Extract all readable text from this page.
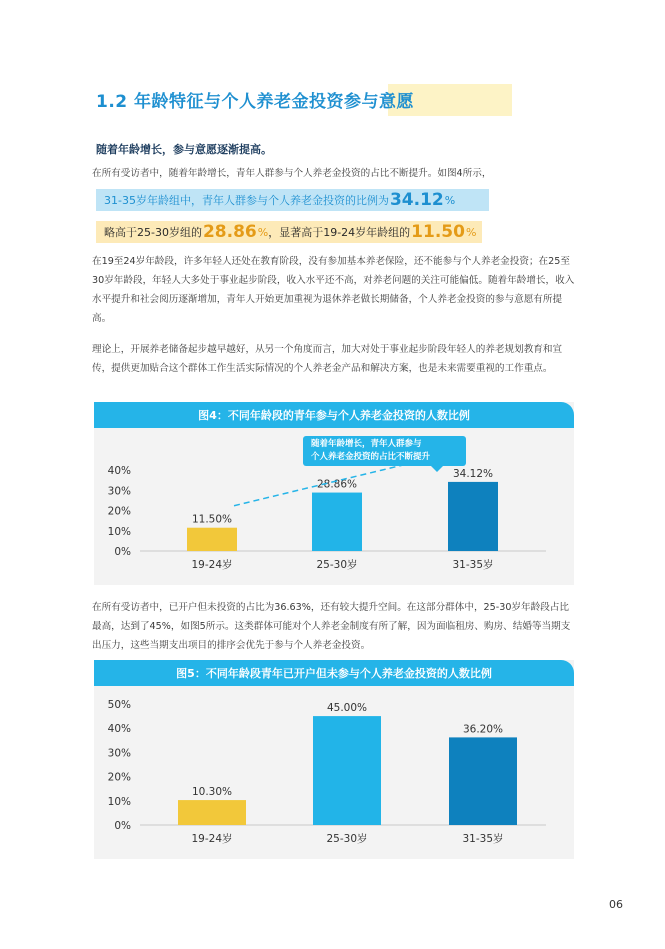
1.2 年龄特征与个人养老金投资参与意愿
随着年龄增长，参与意愿逐渐提高。
在所有受访者中，随着年龄增长，青年人群参与个人养老金投资的占比不断提升。如图4所示，
31-35岁年龄组中，青年人群参与个人养老金投资的比例为 34.12 %
略高于25-30岁组的 28.86 % ，显著高于19-24岁年龄组的 11.50 %
在19至24岁年龄段，许多年轻人还处在教育阶段，没有参加基本养老保险，还不能参与个人养老金投资；在25至30岁年龄段，年轻人大多处于事业起步阶段，收入水平还不高，对养老问题的关注可能偏低。随着年龄增长，收入水平提升和社会阅历逐渐增加，青年人开始更加重视为退休养老做长期储备，个人养老金投资的参与意愿有所提高。
理论上，开展养老储备起步越早越好，从另一个角度而言，加大对处于事业起步阶段年轻人的养老规划教育和宣传，提供更加贴合这个群体工作生活实际情况的个人养老金产品和解决方案，也是未来需要重视的工作重点。
图4：不同年龄段的青年参与个人养老金投资的人数比例
0%
10%
20%
30%
40%
11.50%
19-24岁
28.86%
25-30岁
34.12%
31-35岁
随着年龄增长，青年人群参与
个人养老金投资的占比不断提升
在所有受访者中，已开户但未投资的占比为36.63%，还有较大提升空间。在这部分群体中，25-30岁年龄段占比最高，达到了45%，如图5所示。这类群体可能对个人养老金制度有所了解，因为面临租房、购房、结婚等当期支出压力，这些当期支出项目的排序会优先于参与个人养老金投资。
图5：不同年龄段青年已开户但未参与个人养老金投资的人数比例
0%
10%
20%
30%
40%
50%
10.30%
19-24岁
45.00%
25-30岁
36.20%
31-35岁
06
